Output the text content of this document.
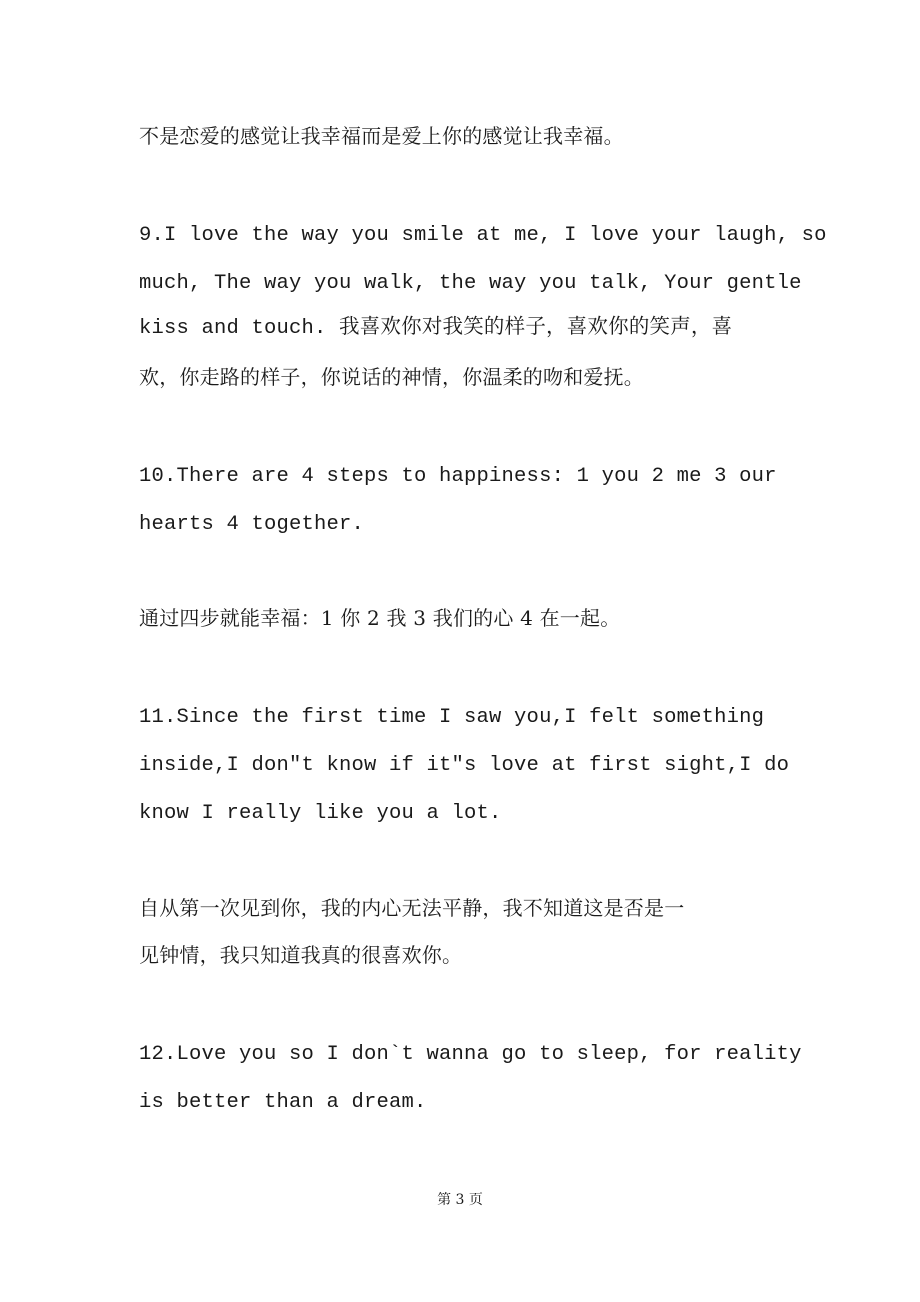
不是恋爱的感觉让我幸福而是爱上你的感觉让我幸福。
9.I love the way you smile at me, I love your laugh, so
much, The way you walk, the way you talk, Your gentle
kiss and touch. 我喜欢你对我笑的样子，喜欢你的笑声，喜
欢，你走路的样子，你说话的神情，你温柔的吻和爱抚。
10.There are 4 steps to happiness: 1 you 2 me 3 our
hearts 4 together.
通过四步就能幸福：1 你 2 我 3 我们的心 4 在一起。
11.Since the first time I saw you,I felt something
inside,I don"t know if it"s love at first sight,I do
know I really like you a lot.
自从第一次见到你，我的内心无法平静，我不知道这是否是一
见钟情，我只知道我真的很喜欢你。
12.Love you so I don`t wanna go to sleep, for reality
is better than a dream.
第 3 页
